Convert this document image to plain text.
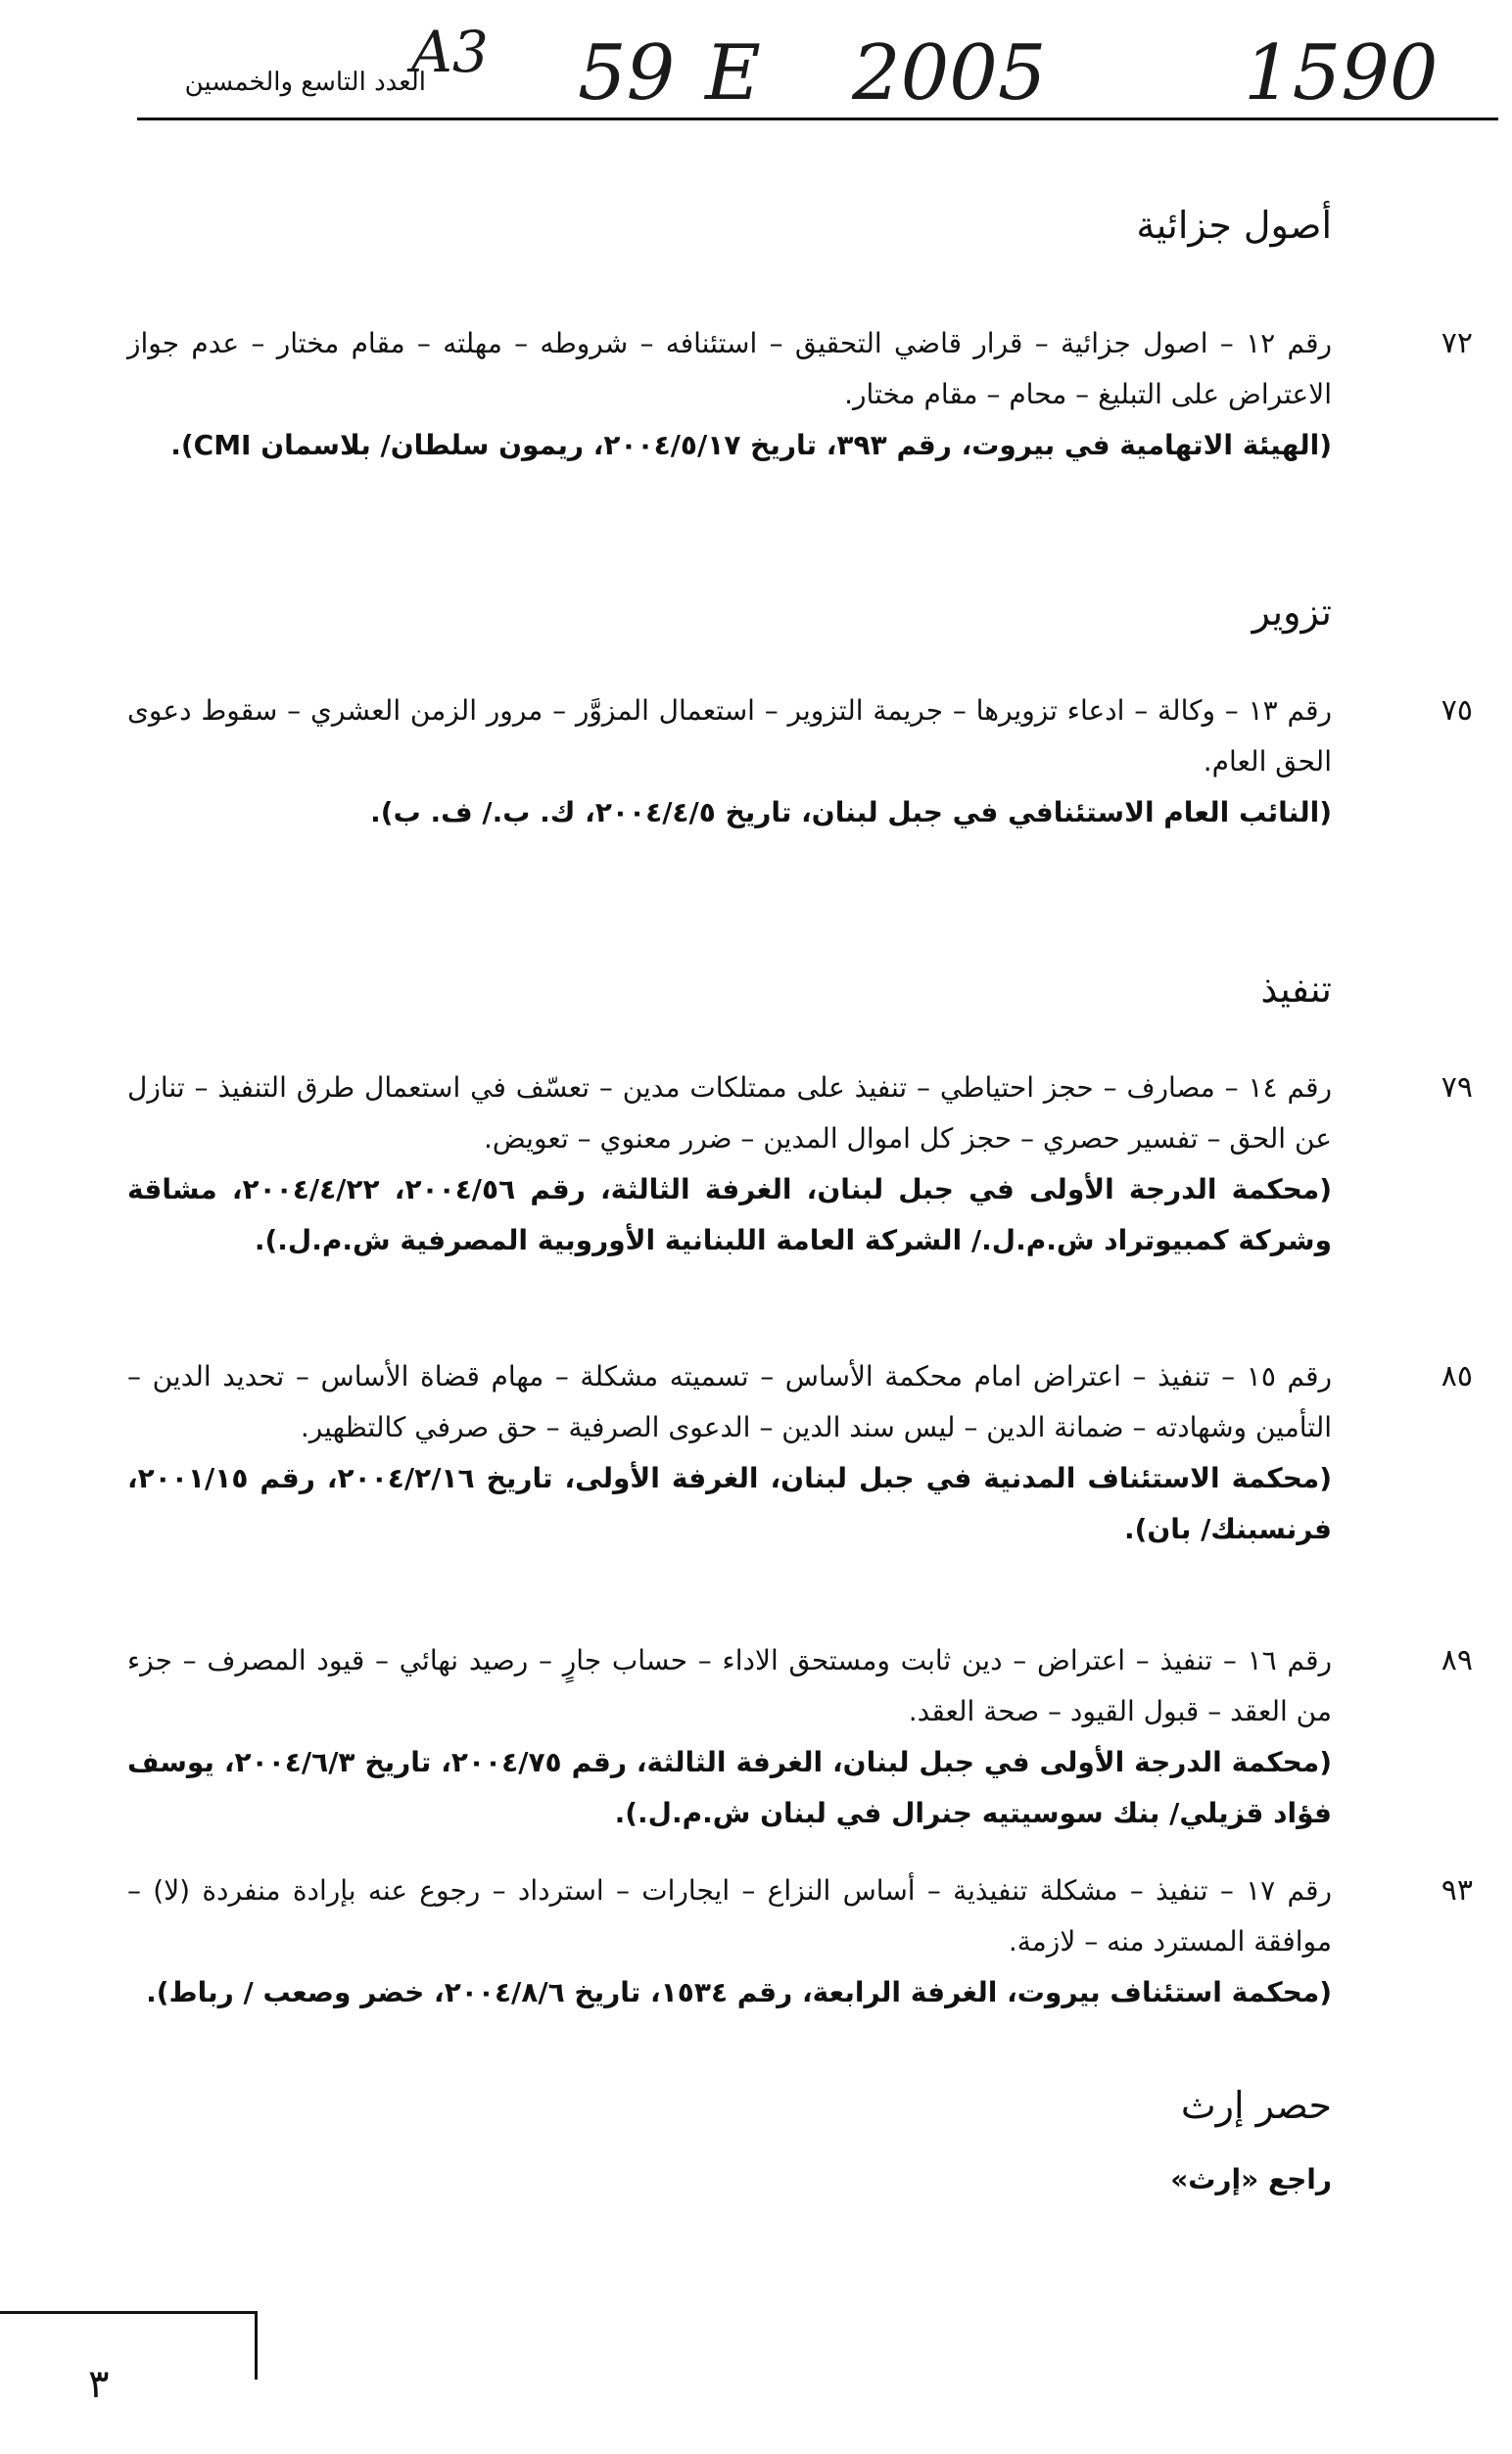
A3 59 E 2005	1590
العدد التاسع والخمسين
أصول جزائية
٧٢

رقم ١٢ – اصول جزائية – قرار قاضي التحقيق – استئنافه – شروطه – مهلته – مقام مختار – عدم جواز الاعتراض على التبليغ – محام – مقام مختار.

(الهيئة الاتهامية في بيروت، رقم ٣٩٣، تاريخ ٢٠٠٤/٥/١٧، ريمون سلطان/ بلاسمان CMI).

تزوير
٧٥

رقم ١٣ – وكالة – ادعاء تزويرها – جريمة التزوير – استعمال المزوَّر – مرور الزمن العشري – سقوط دعوى الحق العام.

(النائب العام الاستئنافي في جبل لبنان، تاريخ ٢٠٠٤/٤/٥، ك. ب./ ف. ب).

تنفيذ
٧٩

رقم ١٤ – مصارف – حجز احتياطي – تنفيذ على ممتلكات مدين – تعسّف في استعمال طرق التنفيذ – تنازل عن الحق – تفسير حصري – حجز كل اموال المدين – ضرر معنوي – تعويض.

(محكمة الدرجة الأولى في جبل لبنان، الغرفة الثالثة، رقم ٢٠٠٤/٥٦، ٢٠٠٤/٤/٢٢، مشاقة وشركة كمبيوتراد ش.م.ل./ الشركة العامة اللبنانية الأوروبية المصرفية ش.م.ل.).

٨٥

رقم ١٥ – تنفيذ – اعتراض امام محكمة الأساس – تسميته مشكلة – مهام قضاة الأساس – تحديد الدين – التأمين وشهادته – ضمانة الدين – ليس سند الدين – الدعوى الصرفية – حق صرفي كالتظهير.

(محكمة الاستئناف المدنية في جبل لبنان، الغرفة الأولى، تاريخ ٢٠٠٤/٢/١٦، رقم ٢٠٠١/١٥، فرنسبنك/ بان).

٨٩

رقم ١٦ – تنفيذ – اعتراض – دين ثابت ومستحق الاداء – حساب جارٍ – رصيد نهائي – قيود المصرف – جزء من العقد – قبول القيود – صحة العقد.

(محكمة الدرجة الأولى في جبل لبنان، الغرفة الثالثة، رقم ٢٠٠٤/٧٥، تاريخ ٢٠٠٤/٦/٣، يوسف فؤاد قزيلي/ بنك سوسيتيه جنرال في لبنان ش.م.ل.).

٩٣

رقم ١٧ – تنفيذ – مشكلة تنفيذية – أساس النزاع – ايجارات – استرداد – رجوع عنه بإرادة منفردة (لا) – موافقة المسترد منه – لازمة.

(محكمة استئناف بيروت، الغرفة الرابعة، رقم ١٥٣٤، تاريخ ٢٠٠٤/٨/٦، خضر وصعب / رباط).

حصر إرث

راجع «إرث»

٣
